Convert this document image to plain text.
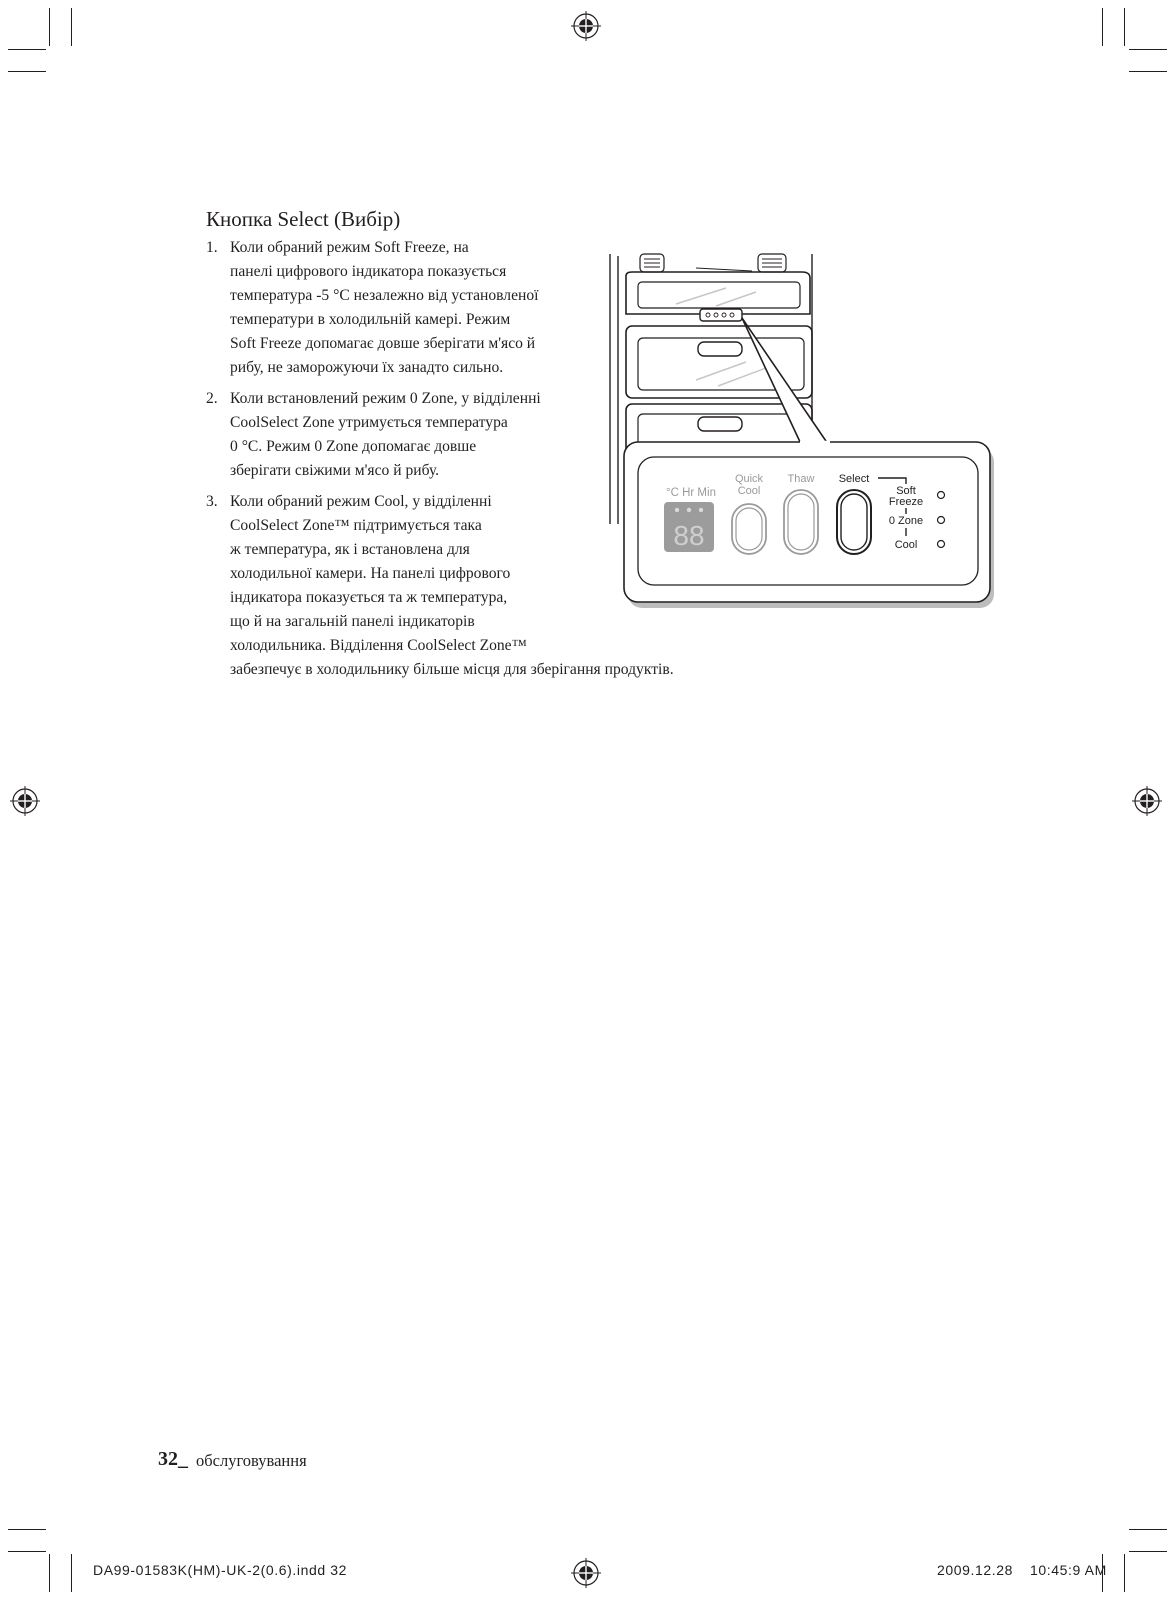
Кнопка Select (Вибір)
1. Коли обраний режим Soft Freeze, на
панелі цифрового індикатора показується
температура -5 °С незалежно від установленої
температури в холодильній камері. Режим
Soft Freeze допомагає довше зберігати м'ясо й
рибу, не заморожуючи їх занадто сильно.
2. Коли встановлений режим 0 Zone, у відділенні
CoolSelect Zone утримується температура
0 °С. Режим 0 Zone допомагає довше
зберігати свіжими м'ясо й рибу.
3. Коли обраний режим Cool, у відділенні
CoolSelect Zone™ підтримується така
ж температура, як і встановлена для
холодильної камери. На панелі цифрового
індикатора показується та ж температура,
що й на загальній панелі індикаторів
холодильника. Відділення CoolSelect Zone™
забезпечує в холодильнику більше місця для зберігання продуктів.
°C Hr Min
Quick
Cool
Thaw Select
88
Soft
Freeze
0 Zone
Cool
32_ обслуговування
DA99-01583K(HM)-UK-2(0.6).indd 32	2009.12.28 10:45:9 AM
